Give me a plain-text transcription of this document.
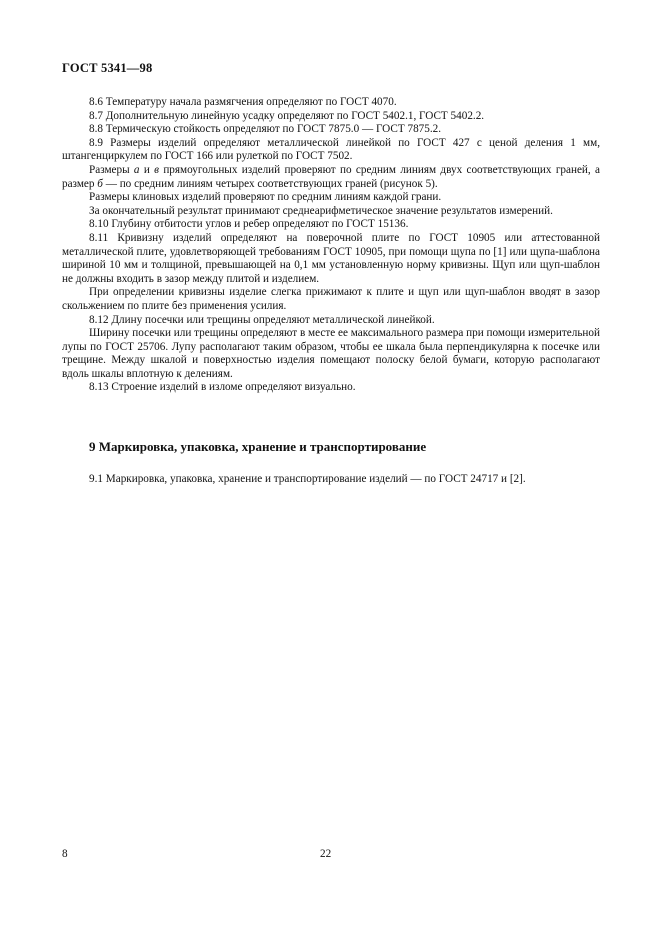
ГОСТ 5341—98

8.6 Температуру начала размягчения определяют по ГОСТ 4070.

8.7 Дополнительную линейную усадку определяют по ГОСТ 5402.1, ГОСТ 5402.2.

8.8 Термическую стойкость определяют по ГОСТ 7875.0 — ГОСТ 7875.2.

8.9 Размеры изделий определяют металлической линейкой по ГОСТ 427 с ценой деления 1 мм, штангенциркулем по ГОСТ 166 или рулеткой по ГОСТ 7502.

Размеры а и в прямоугольных изделий проверяют по средним линиям двух соответствующих граней, а размер б — по средним линиям четырех соответствующих граней (рисунок 5).

Размеры клиновых изделий проверяют по средним линиям каждой грани.

За окончательный результат принимают среднеарифметическое значение результатов измерений.

8.10 Глубину отбитости углов и ребер определяют по ГОСТ 15136.

8.11 Кривизну изделий определяют на поверочной плите по ГОСТ 10905 или аттестованной металлической плите, удовлетворяющей требованиям ГОСТ 10905, при помощи щупа по [1] или щупа-шаблона шириной 10 мм и толщиной, превышающей на 0,1 мм установленную норму кривизны. Щуп или щуп-шаблон не должны входить в зазор между плитой и изделием.

При определении кривизны изделие слегка прижимают к плите и щуп или щуп-шаблон вводят в зазор скольжением по плите без применения усилия.

8.12 Длину посечки или трещины определяют металлической линейкой.

Ширину посечки или трещины определяют в месте ее максимального размера при помощи измерительной лупы по ГОСТ 25706. Лупу располагают таким образом, чтобы ее шкала была перпендикулярна к посечке или трещине. Между шкалой и поверхностью изделия помещают полоску белой бумаги, которую располагают вдоль шкалы вплотную к делениям.

8.13 Строение изделий в изломе определяют визуально.

9 Маркировка, упаковка, хранение и транспортирование

9.1 Маркировка, упаковка, хранение и транспортирование изделий — по ГОСТ 24717 и [2].

8	22
